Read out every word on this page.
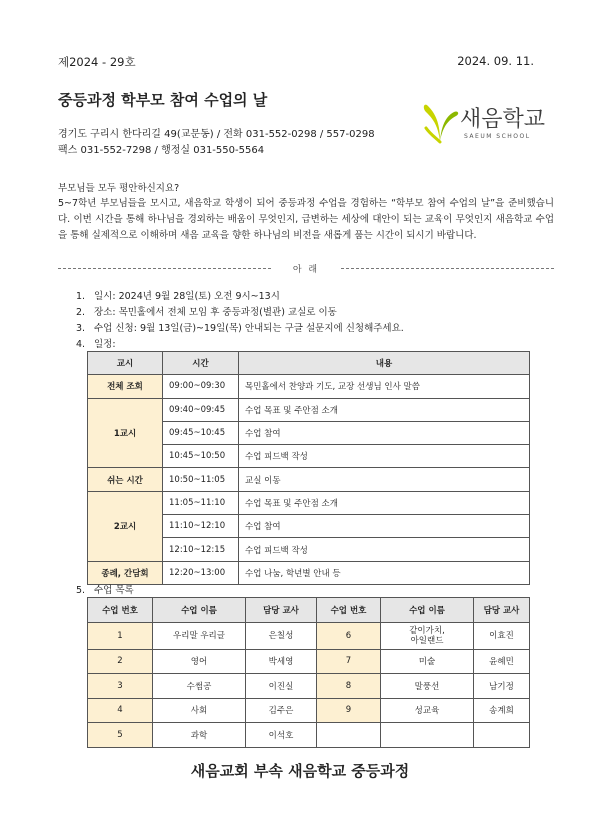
제2024 - 29호	2024. 09. 11.
중등과정 학부모 참여 수업의 날
경기도 구리시 한다리길 49(교문동) / 전화 031-552-0298 / 557-0298
팩스 031-552-7298 / 행정실 031-550-5564
새음학교
SAEUM SCHOOL
부모님들 모두 평안하신지요?
5~7학년 부모님들을 모시고, 새음학교 학생이 되어 중등과정 수업을 경험하는 “학부모 참여 수업의 날”을 준비했습니다. 이번 시간을 통해 하나님을 경외하는 배움이 무엇인지, 급변하는 세상에 대안이 되는 교육이 무엇인지 새음학교 수업을 통해 실제적으로 이해하며 새음 교육을 향한 하나님의 비전을 새롭게 품는 시간이 되시기 바랍니다.
아 래
1. 일시: 2024년 9월 28일(토) 오전 9시~13시
2. 장소: 목민홀에서 전체 모임 후 중등과정(별관) 교실로 이동
3. 수업 신청: 9월 13일(금)~19일(목) 안내되는 구글 설문지에 신청해주세요.
4. 일정:
교시	시간	내용
전체 조회	09:00~09:30	목민홀에서 찬양과 기도, 교장 선생님 인사 말씀
1교시	09:40~09:45	수업 목표 및 주안점 소개
	09:45~10:45	수업 참여
	10:45~10:50	수업 피드백 작성
쉬는 시간	10:50~11:05	교실 이동
2교시	11:05~11:10	수업 목표 및 주안점 소개
	11:10~12:10	수업 참여
	12:10~12:15	수업 피드백 작성
종례, 간담회	12:20~13:00	수업 나눔, 학년별 안내 등
5. 수업 목록
수업 번호	수업 이름	담당 교사	수업 번호	수업 이름	담당 교사
1	우리말 우리글	은칠성	6	같이가치,
아일랜드	이효진
2	영어	박세영	7	미술	윤혜민
3	수썸공	이진실	8	말풍선	남기정
4	사회	김주은	9	성교육	송계희
5	과학	이석호			
새음교회 부속 새음학교 중등과정
